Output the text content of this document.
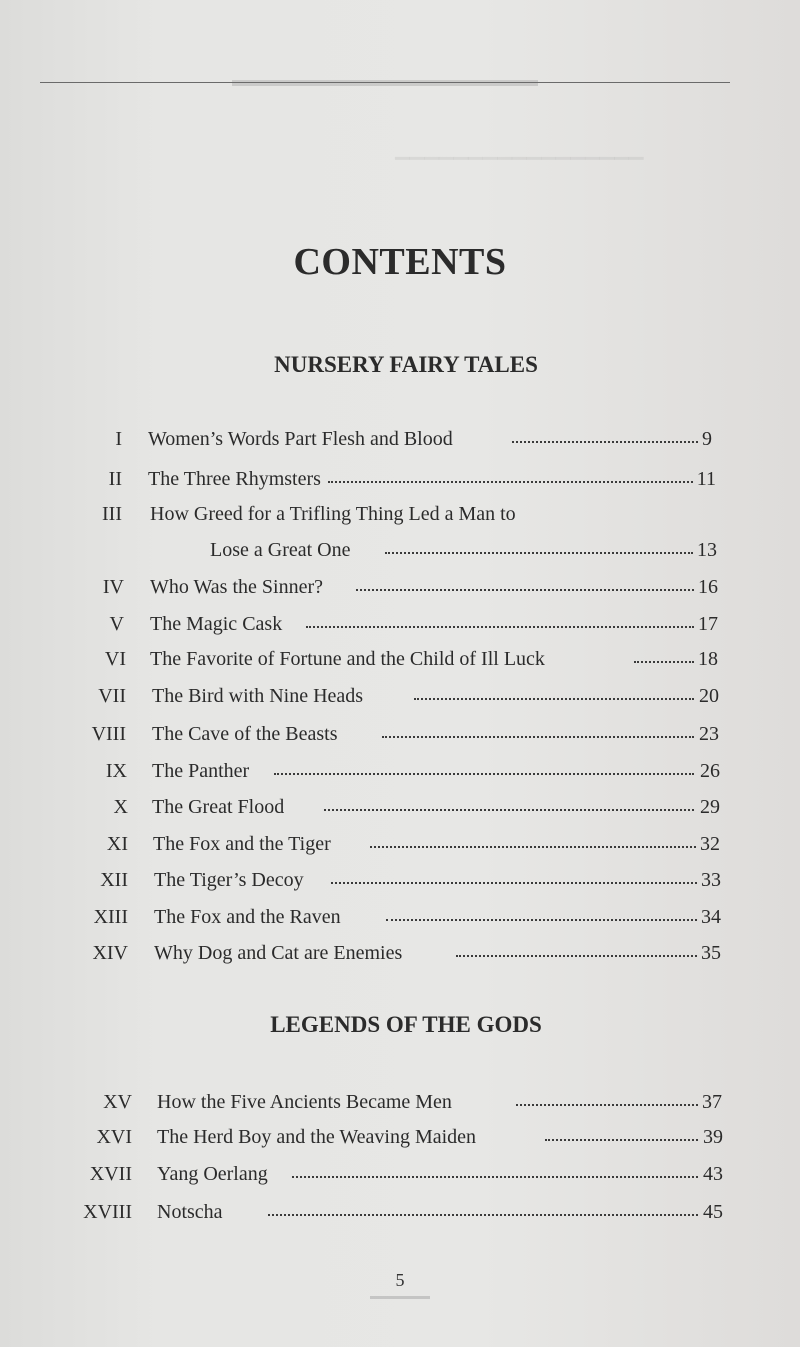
▁▁▁▁▁▁▁▁▁▁▁▁▁▁▁▁▁
CONTENTS
NURSERY FAIRY TALES
I Women’s Words Part Flesh and Blood	9
II The Three Rhymsters	11
III How Greed for a Trifling Thing Led a Man to
Lose a Great One	13
IV Who Was the Sinner?	16
V The Magic Cask	17
VI The Favorite of Fortune and the Child of Ill Luck	18
VII The Bird with Nine Heads	20
VIII The Cave of the Beasts	23
IX The Panther	26
X The Great Flood	29
XI The Fox and the Tiger	32
XII The Tiger’s Decoy	33
XIII The Fox and the Raven	34
XIV Why Dog and Cat are Enemies	35
LEGENDS OF THE GODS
XV How the Five Ancients Became Men	37
XVI The Herd Boy and the Weaving Maiden	39
XVII Yang Oerlang	43
XVIII Notscha	45
5
